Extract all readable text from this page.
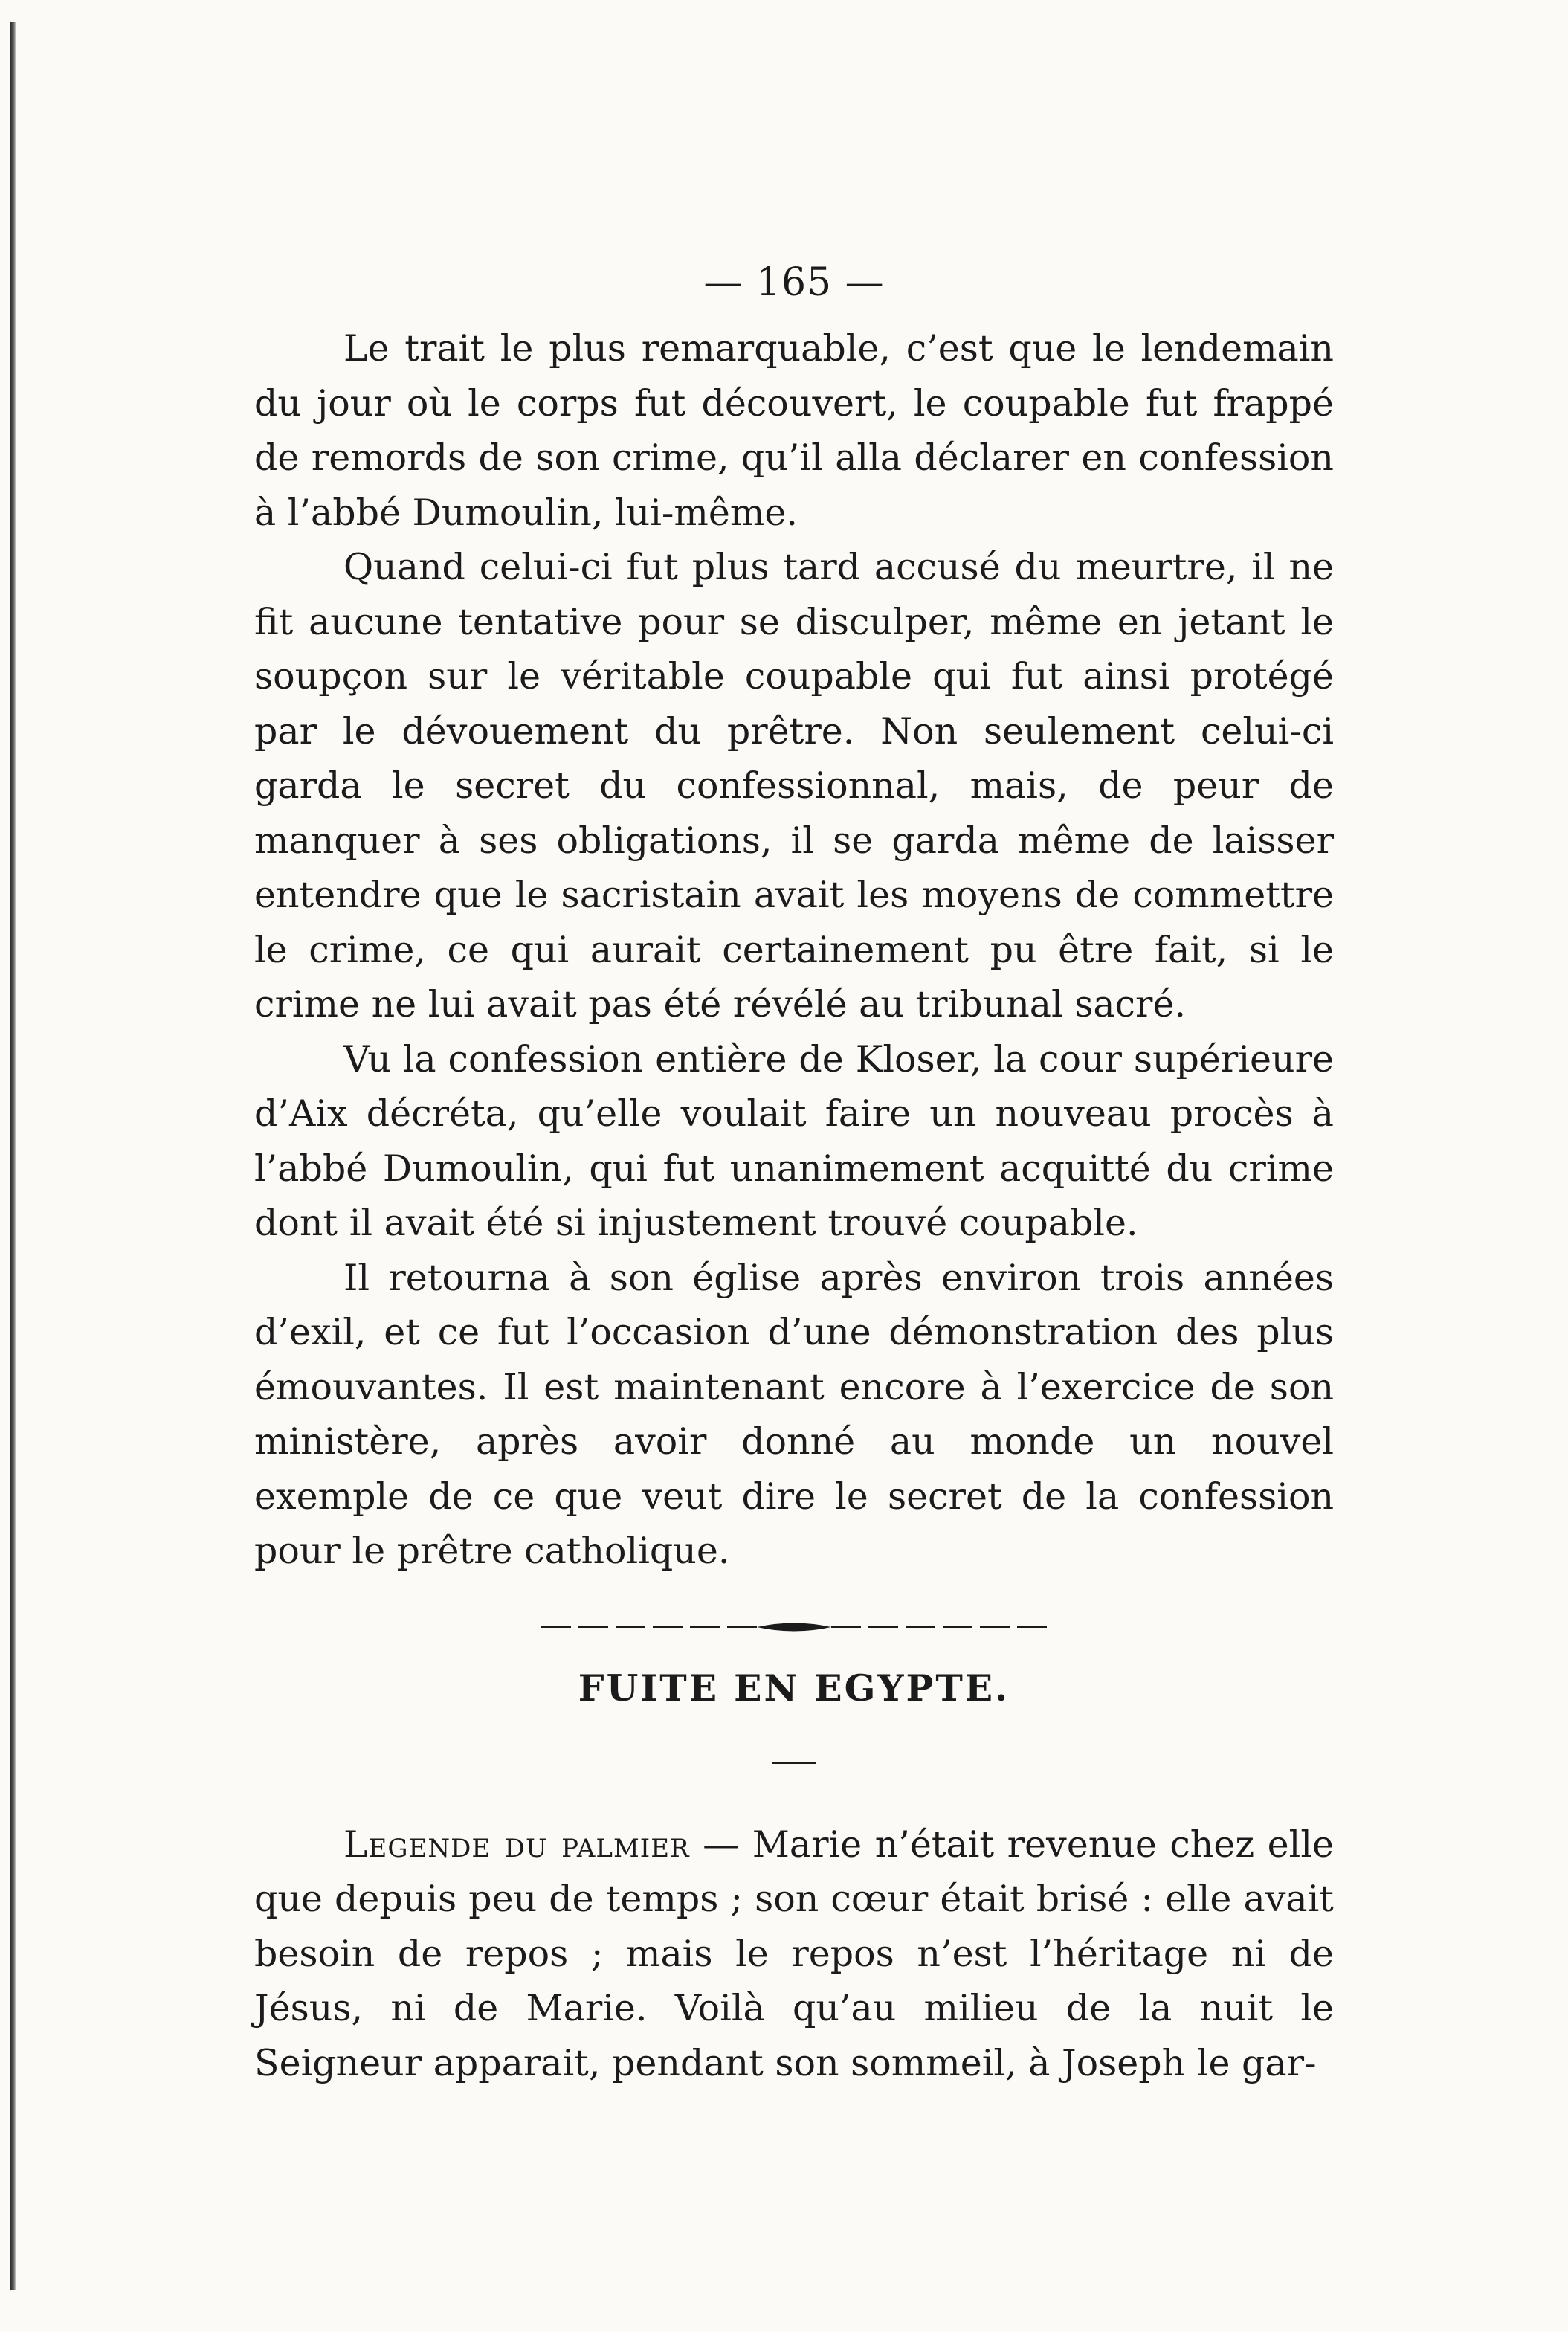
— 165 —

Le trait le plus remarquable, c’est que le lendemain du jour où le corps fut découvert, le coupable fut frappé de remords de son crime, qu’il alla déclarer en confession à l’abbé Dumoulin, lui-même.

Quand celui-ci fut plus tard accusé du meurtre, il ne fit aucune tentative pour se disculper, même en jetant le soupçon sur le véritable coupable qui fut ainsi protégé par le dévouement du prêtre. Non seulement celui-ci garda le secret du confessionnal, mais, de peur de manquer à ses obligations, il se garda même de laisser entendre que le sacristain avait les moyens de commettre le crime, ce qui aurait certainement pu être fait, si le crime ne lui avait pas été révélé au tribunal sacré.

Vu la confession entière de Kloser, la cour supérieure d’Aix décréta, qu’elle voulait faire un nouveau procès à l’abbé Dumoulin, qui fut unanimement acquitté du crime dont il avait été si injustement trouvé coupable.

Il retourna à son église après environ trois années d’exil, et ce fut l’occasion d’une démonstration des plus émouvantes. Il est maintenant encore à l’exercice de son ministère, après avoir donné au monde un nouvel exemple de ce que veut dire le secret de la confession pour le prêtre catholique.

FUITE EN EGYPTE.

Legende du palmier — Marie n’était revenue chez elle que depuis peu de temps ; son cœur était brisé : elle avait besoin de repos ; mais le repos n’est l’héritage ni de Jésus, ni de Marie. Voilà qu’au milieu de la nuit le Seigneur apparait, pendant son sommeil, à Joseph le gar-
